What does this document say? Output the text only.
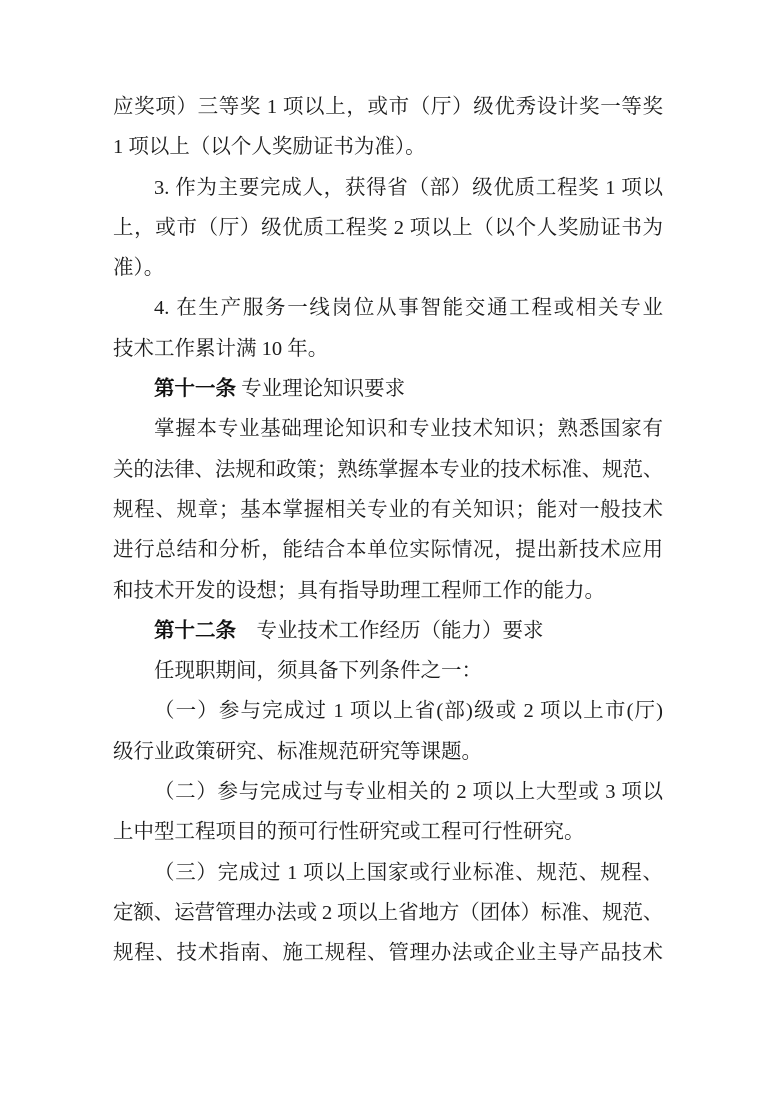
应奖项）三等奖 1 项以上，或市（厅）级优秀设计奖一等奖
1 项以上（以个人奖励证书为准）。
3. 作为主要完成人，获得省（部）级优质工程奖 1 项以
上，或市（厅）级优质工程奖 2 项以上（以个人奖励证书为
准）。
4. 在生产服务一线岗位从事智能交通工程或相关专业
技术工作累计满 10 年。
第十一条 专业理论知识要求
掌握本专业基础理论知识和专业技术知识；熟悉国家有
关的法律、法规和政策；熟练掌握本专业的技术标准、规范、
规程、规章；基本掌握相关专业的有关知识；能对一般技术
进行总结和分析，能结合本单位实际情况，提出新技术应用
和技术开发的设想；具有指导助理工程师工作的能力。
第十二条　专业技术工作经历（能力）要求
任现职期间，须具备下列条件之一：
（一）参与完成过 1 项以上省(部)级或 2 项以上市(厅)
级行业政策研究、标准规范研究等课题。
（二）参与完成过与专业相关的 2 项以上大型或 3 项以
上中型工程项目的预可行性研究或工程可行性研究。
（三）完成过 1 项以上国家或行业标准、规范、规程、
定额、运营管理办法或 2 项以上省地方（团体）标准、规范、
规程、技术指南、施工规程、管理办法或企业主导产品技术
